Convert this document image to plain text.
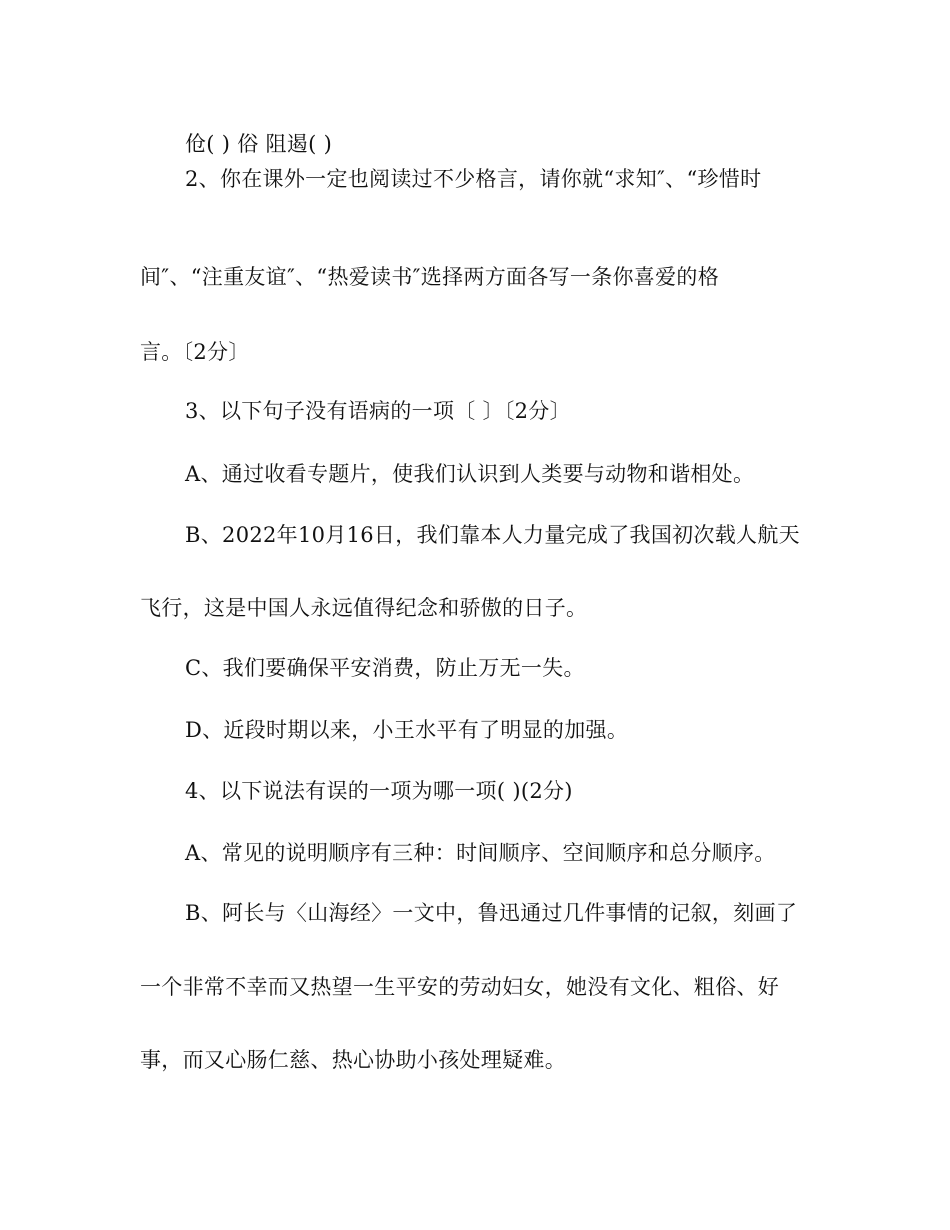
伧( ) 俗 阻遏( )
2、你在课外一定也阅读过不少格言，请你就“求知″、“珍惜时
间″、“注重友谊″、“热爱读书″选择两方面各写一条你喜爱的格
言。〔2分〕
3、以下句子没有语病的一项〔 〕〔2分〕
A、通过收看专题片，使我们认识到人类要与动物和谐相处。
B、2022年10月16日，我们靠本人力量完成了我国初次载人航天
飞行，这是中国人永远值得纪念和骄傲的日子。
C、我们要确保平安消费，防止万无一失。
D、近段时期以来，小王水平有了明显的加强。
4、以下说法有误的一项为哪一项( )(2分)
A、常见的说明顺序有三种：时间顺序、空间顺序和总分顺序。
B、阿长与〈山海经〉一文中，鲁迅通过几件事情的记叙，刻画了
一个非常不幸而又热望一生平安的劳动妇女，她没有文化、粗俗、好
事，而又心肠仁慈、热心协助小孩处理疑难。
